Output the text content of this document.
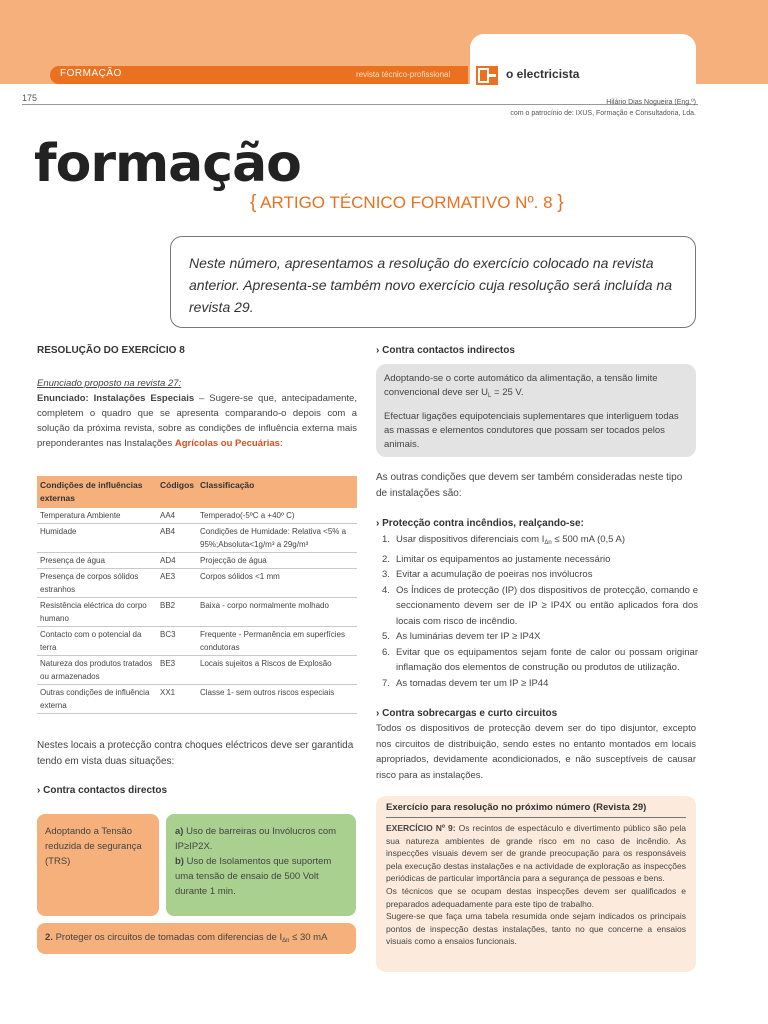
FORMAÇÃO	revista técnico-profissional	o electricista
175	Hilário Dias Nogueira (Eng.º)
com o patrocínio de: IXUS, Formação e Consultadoria, Lda.
formação
{ ARTIGO TÉCNICO FORMATIVO Nº. 8 }

Neste número, apresentamos a resolução do exercício colocado na revista anterior. Apresenta-se também novo exercício cuja resolução será incluída na revista 29.

RESOLUÇÃO DO EXERCÍCIO 8
Enunciado proposto na revista 27:
Enunciado: Instalações Especiais – Sugere-se que, antecipadamente, completem o quadro que se apresenta comparando-o depois com a solução da próxima revista, sobre as condições de influência externa mais preponderantes nas Instalações Agrícolas ou Pecuárias:
Condições de influências externas	Códigos	Classificação
Temperatura Ambiente	AA4	Temperado(-5ºC a +40º C)
Humidade	AB4	Condições de Humidade: Relativa <5% a 95%;Absoluta<1g/m³ a 29g/m³
Presença de água	AD4	Projecção de água
Presença de corpos sólidos estranhos	AE3	Corpos sólidos <1 mm
Resistência eléctrica do corpo humano	BB2	Baixa - corpo normalmente molhado
Contacto com o potencial da terra	BC3	Frequente - Permanência em superfícies condutoras
Natureza dos produtos tratados ou armazenados	BE3	Locais sujeitos a Riscos de Explosão
Outras condições de influência externa	XX1	Classe 1- sem outros riscos especiais
Nestes locais a protecção contra choques eléctricos deve ser garantida tendo em vista duas situações:
› Contra contactos directos
Adoptando a Tensão reduzida de segurança (TRS)

a) Uso de barreiras ou Invólucros com IP≥IP2X.

b) Uso de Isolamentos que suportem uma tensão de ensaio de 500 Volt durante 1 min.

2. Proteger os circuitos de tomadas com diferencias de $I_{\Delta n} \le 30$ mA
› Contra contactos indirectos

Adoptando-se o corte automático da alimentação, a tensão limite convencional deve ser $U_L = 25$ V.

Efectuar ligações equipotenciais suplementares que interliguem todas as massas e elementos condutores que possam ser tocados pelos animais.

As outras condições que devem ser também consideradas neste tipo de instalações são:
› Protecção contra incêndios, realçando-se:
1. Usar dispositivos diferenciais com $I_{\Delta n} \le 500$ mA (0,5 A)
2. Limitar os equipamentos ao justamente necessário
3. Evitar a acumulação de poeiras nos invólucros
4. Os Índices de protecção (IP) dos dispositivos de protecção, comando e seccionamento devem ser de IP ≥ IP4X ou então aplicados fora dos locais com risco de incêndio.
5. As luminárias devem ter IP ≥ IP4X
6. Evitar que os equipamentos sejam fonte de calor ou possam originar inflamação dos elementos de construção ou produtos de utilização.
7. As tomadas devem ter um IP ≥ IP44
› Contra sobrecargas e curto circuitos
Todos os dispositivos de protecção devem ser do tipo disjuntor, excepto nos circuitos de distribuição, sendo estes no entanto montados em locais apropriados, devidamente acondicionados, e não susceptíveis de causar risco para as instalações.
Exercício para resolução no próximo número (Revista 29)

EXERCÍCIO Nº 9: Os recintos de espectáculo e divertimento público são pela sua natureza ambientes de grande risco em no caso de incêndio. As inspecções visuais devem ser de grande preocupação para os responsáveis pela execução destas instalações e na actividade de exploração as inspecções periódicas de particular importância para a segurança de pessoas e bens.

Os técnicos que se ocupam destas inspecções devem ser qualificados e preparados adequadamente para este tipo de trabalho.

Sugere-se que faça uma tabela resumida onde sejam indicados os principais pontos de inspecção destas instalações, tanto no que concerne a ensaios visuais como a ensaios funcionais.
